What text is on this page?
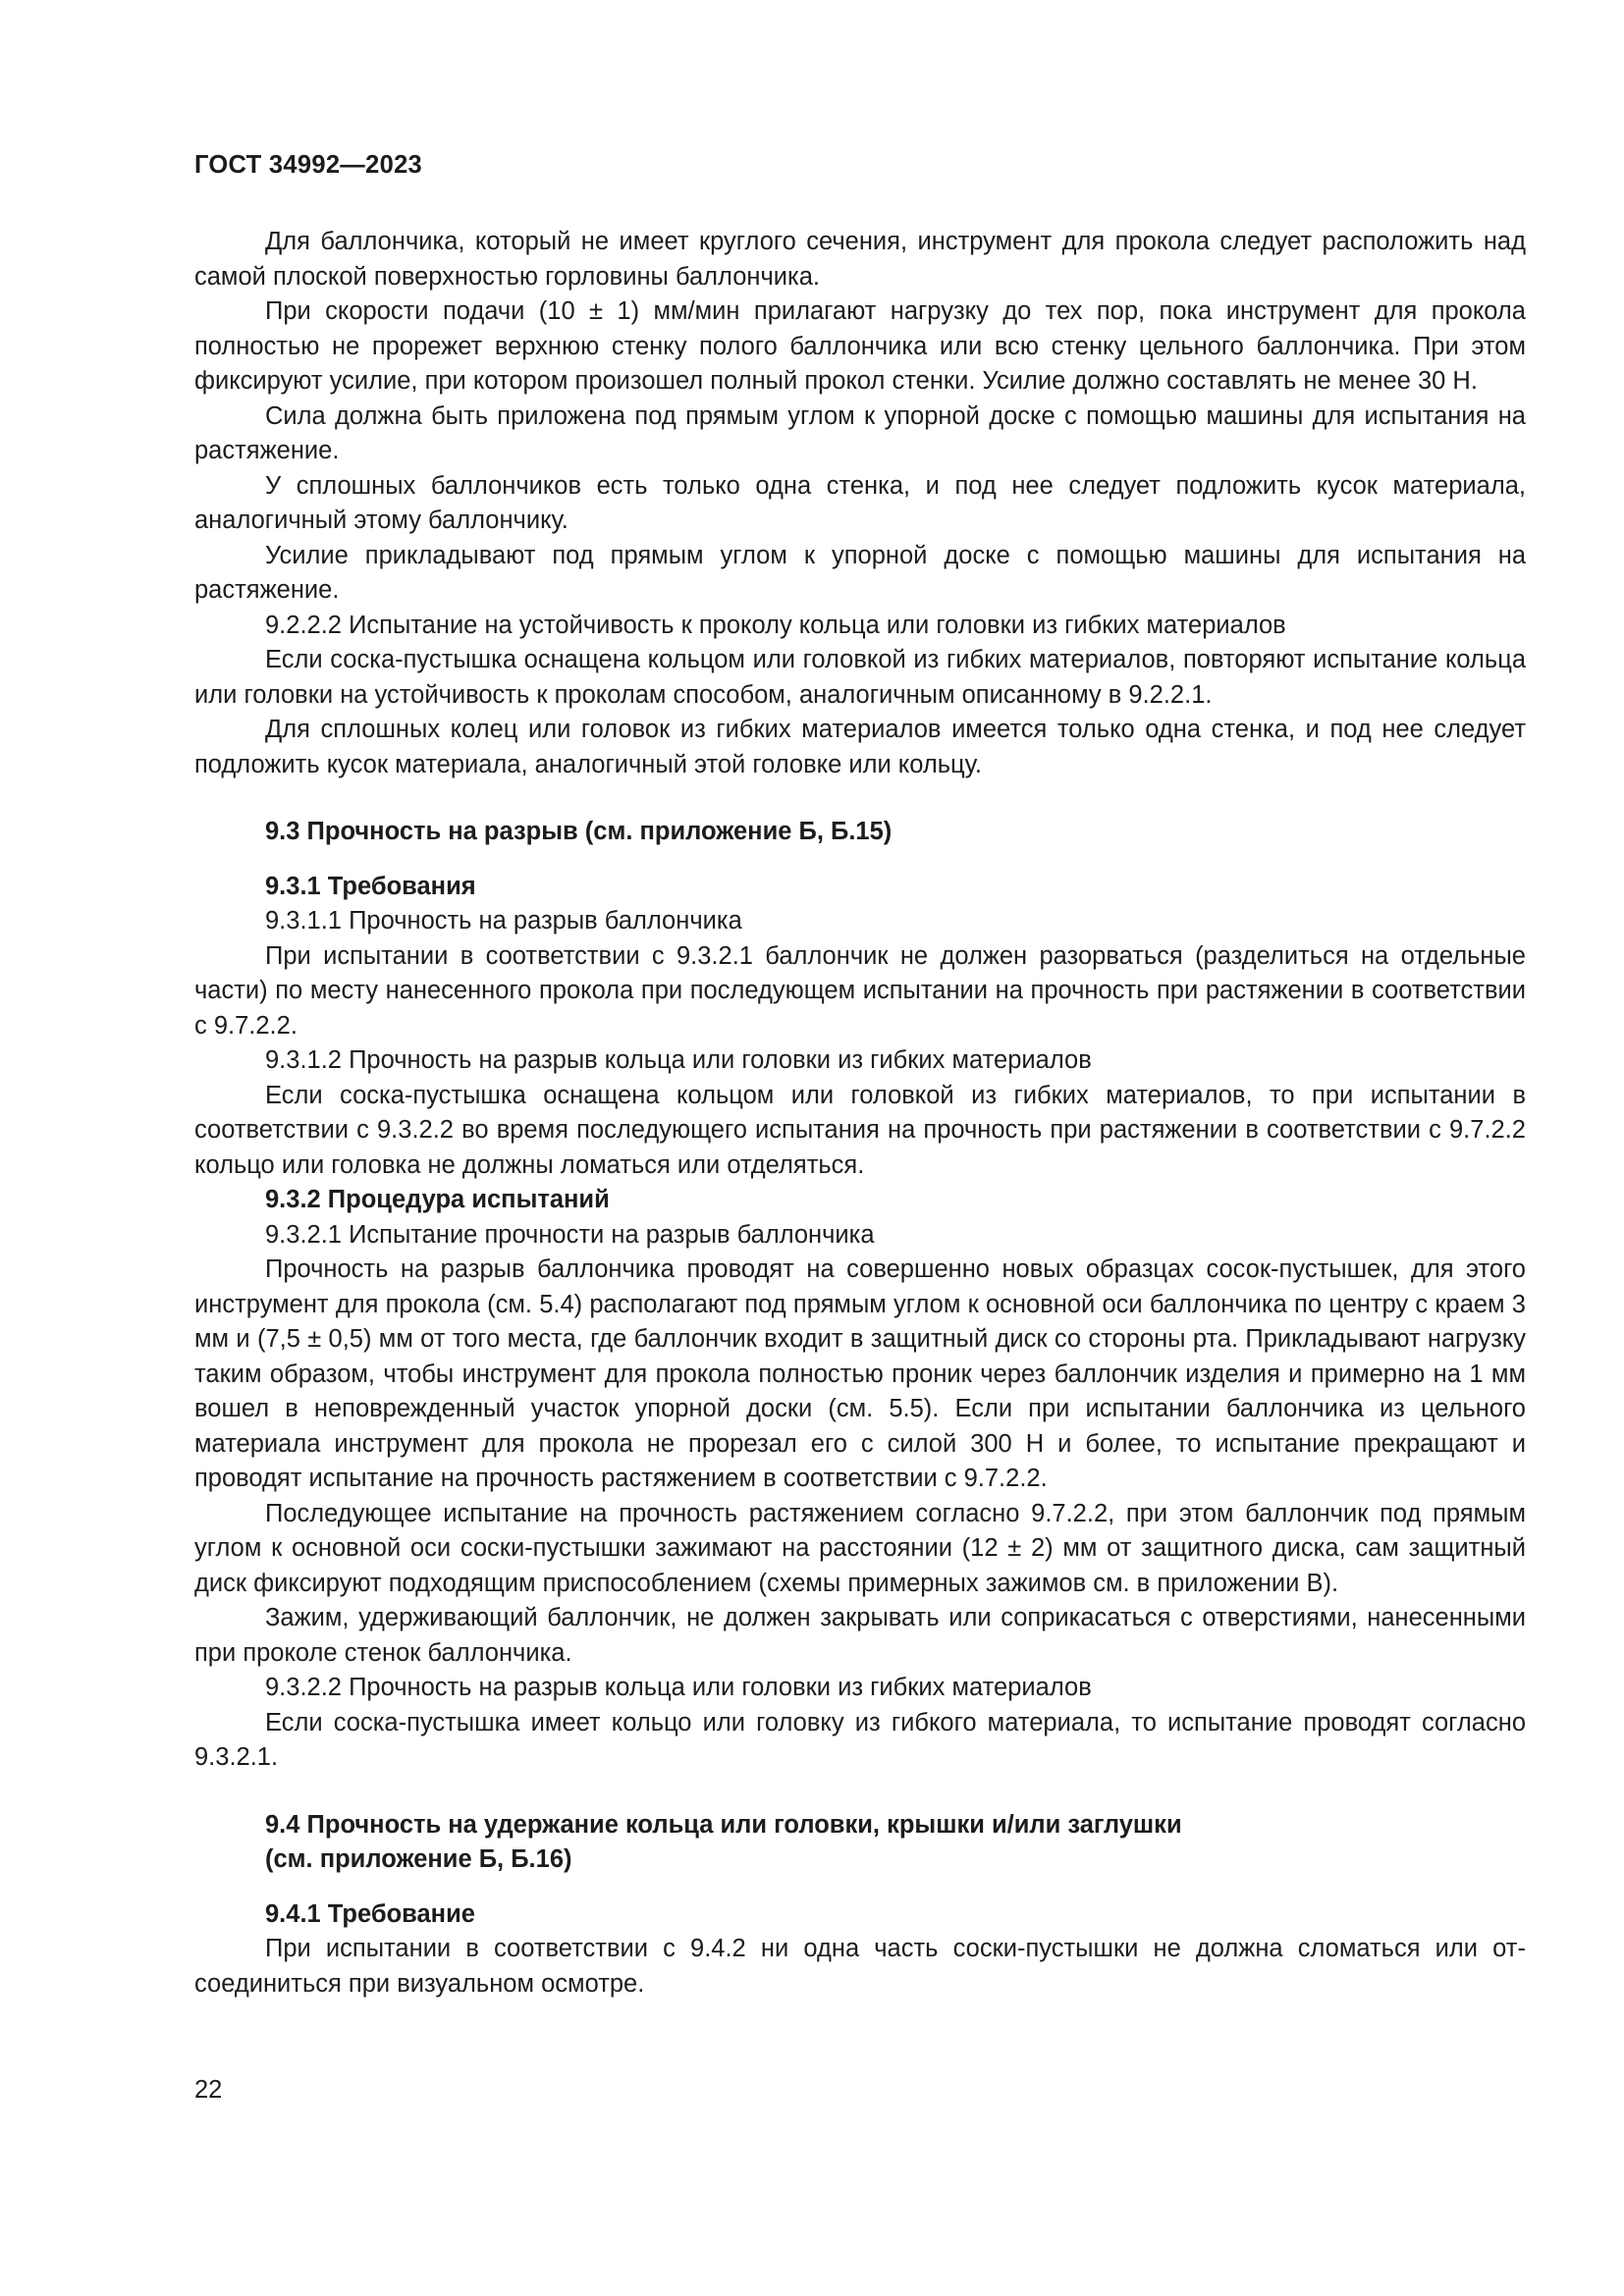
ГОСТ 34992—2023

Для баллончика, который не имеет круглого сечения, инструмент для прокола следует расположить над самой плоской поверхностью горловины баллончика.

При скорости подачи (10 ± 1) мм/мин прилагают нагрузку до тех пор, пока инструмент для прокола полностью не прорежет верхнюю стенку полого баллончика или всю стенку цельного баллончика. При этом фиксируют усилие, при котором произошел полный прокол стенки. Усилие должно составлять не менее 30 Н.

Сила должна быть приложена под прямым углом к упорной доске с помощью машины для испытания на растяжение.

У сплошных баллончиков есть только одна стенка, и под нее следует подложить кусок материала, аналогичный этому баллончику.

Усилие прикладывают под прямым углом к упорной доске с помощью машины для испытания на растяжение.

9.2.2.2 Испытание на устойчивость к проколу кольца или головки из гибких материалов

Если соска-пустышка оснащена кольцом или головкой из гибких материалов, повторяют испытание кольца или головки на устойчивость к проколам способом, аналогичным описанному в 9.2.2.1.

Для сплошных колец или головок из гибких материалов имеется только одна стенка, и под нее следует подложить кусок материала, аналогичный этой головке или кольцу.

9.3 Прочность на разрыв (см. приложение Б, Б.15)

9.3.1 Требования

9.3.1.1 Прочность на разрыв баллончика

При испытании в соответствии с 9.3.2.1 баллончик не должен разорваться (разделиться на отдельные части) по месту нанесенного прокола при последующем испытании на прочность при растяжении в соответствии с 9.7.2.2.

9.3.1.2 Прочность на разрыв кольца или головки из гибких материалов

Если соска-пустышка оснащена кольцом или головкой из гибких материалов, то при испытании в соответствии с 9.3.2.2 во время последующего испытания на прочность при растяжении в соответствии с 9.7.2.2 кольцо или головка не должны ломаться или отделяться.

9.3.2 Процедура испытаний

9.3.2.1 Испытание прочности на разрыв баллончика

Прочность на разрыв баллончика проводят на совершенно новых образцах сосок-пустышек, для этого инструмент для прокола (см. 5.4) располагают под прямым углом к основной оси баллончика по центру с краем 3 мм и (7,5 ± 0,5) мм от того места, где баллончик входит в защитный диск со стороны рта. Прикладывают нагрузку таким образом, чтобы инструмент для прокола полностью проник через баллончик изделия и примерно на 1 мм вошел в неповрежденный участок упорной доски (см. 5.5). Если при испытании баллончика из цельного материала инструмент для прокола не прорезал его с силой 300 Н и более, то испытание прекращают и проводят испытание на прочность растяжением в соответствии с 9.7.2.2.

Последующее испытание на прочность растяжением согласно 9.7.2.2, при этом баллончик под прямым углом к основной оси соски-пустышки зажимают на расстоянии (12 ± 2) мм от защитного диска, сам защитный диск фиксируют подходящим приспособлением (схемы примерных зажимов см. в приложении В).

Зажим, удерживающий баллончик, не должен закрывать или соприкасаться с отверстиями, нанесенными при проколе стенок баллончика.

9.3.2.2 Прочность на разрыв кольца или головки из гибких материалов

Если соска-пустышка имеет кольцо или головку из гибкого материала, то испытание проводят согласно 9.3.2.1.

9.4 Прочность на удержание кольца или головки, крышки и/или заглушки

(см. приложение Б, Б.16)

9.4.1 Требование

При испытании в соответствии с 9.4.2 ни одна часть соски-пустышки не должна сломаться или отсоединиться при визуальном осмотре.

22
